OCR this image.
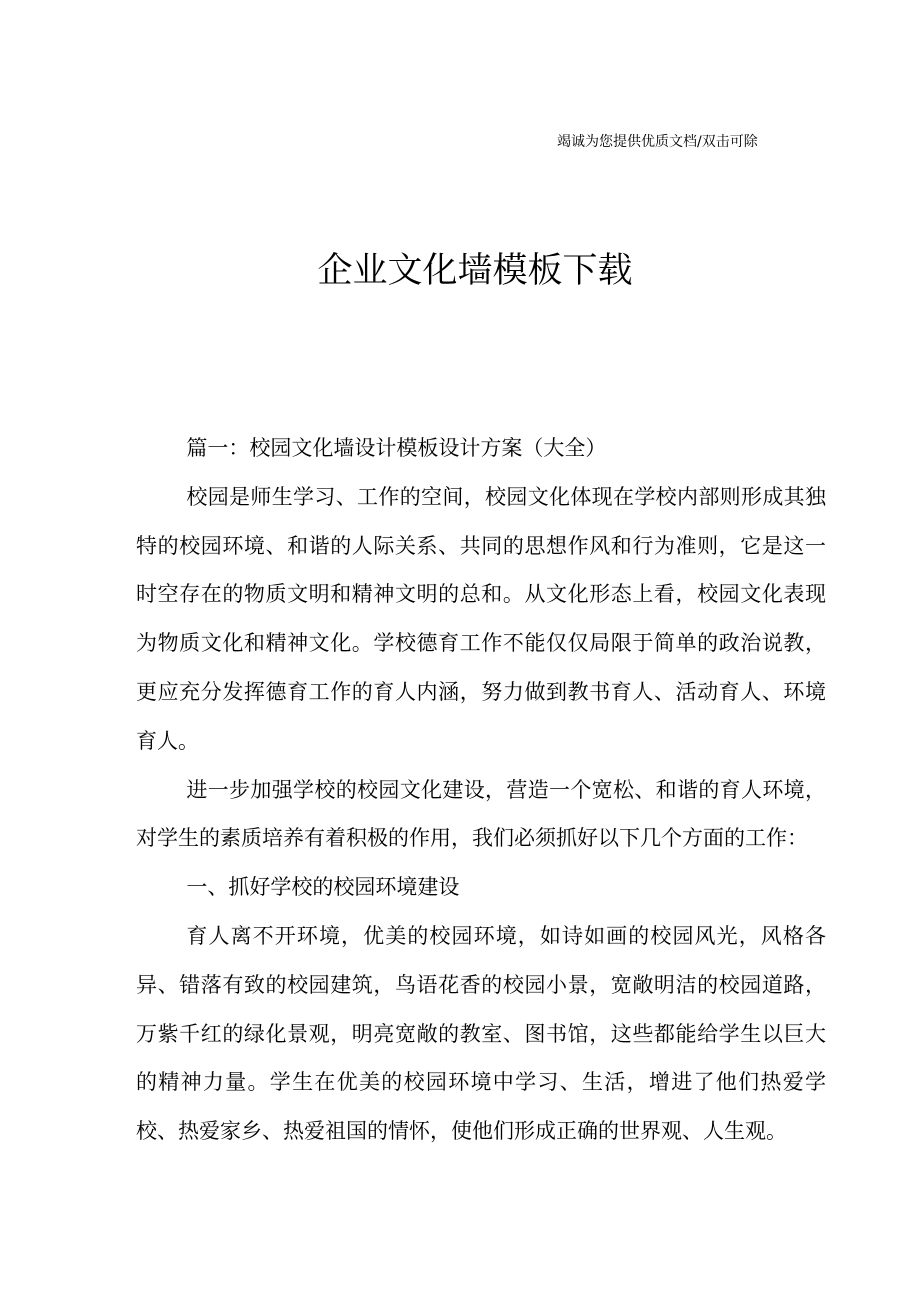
竭诚为您提供优质文档/双击可除
企业文化墙模板下载

篇一：校园文化墙设计模板设计方案（大全）

校园是师生学习、工作的空间，校园文化体现在学校内部则形成其独特的校园环境、和谐的人际关系、共同的思想作风和行为准则，它是这一时空存在的物质文明和精神文明的总和。从文化形态上看，校园文化表现为物质文化和精神文化。学校德育工作不能仅仅局限于简单的政治说教，更应充分发挥德育工作的育人内涵，努力做到教书育人、活动育人、环境育人。

进一步加强学校的校园文化建设，营造一个宽松、和谐的育人环境，对学生的素质培养有着积极的作用，我们必须抓好以下几个方面的工作：

一、抓好学校的校园环境建设

育人离不开环境，优美的校园环境，如诗如画的校园风光，风格各异、错落有致的校园建筑，鸟语花香的校园小景，宽敞明洁的校园道路，万紫千红的绿化景观，明亮宽敞的教室、图书馆，这些都能给学生以巨大的精神力量。学生在优美的校园环境中学习、生活，增进了他们热爱学校、热爱家乡、热爱祖国的情怀，使他们形成正确的世界观、人生观。
